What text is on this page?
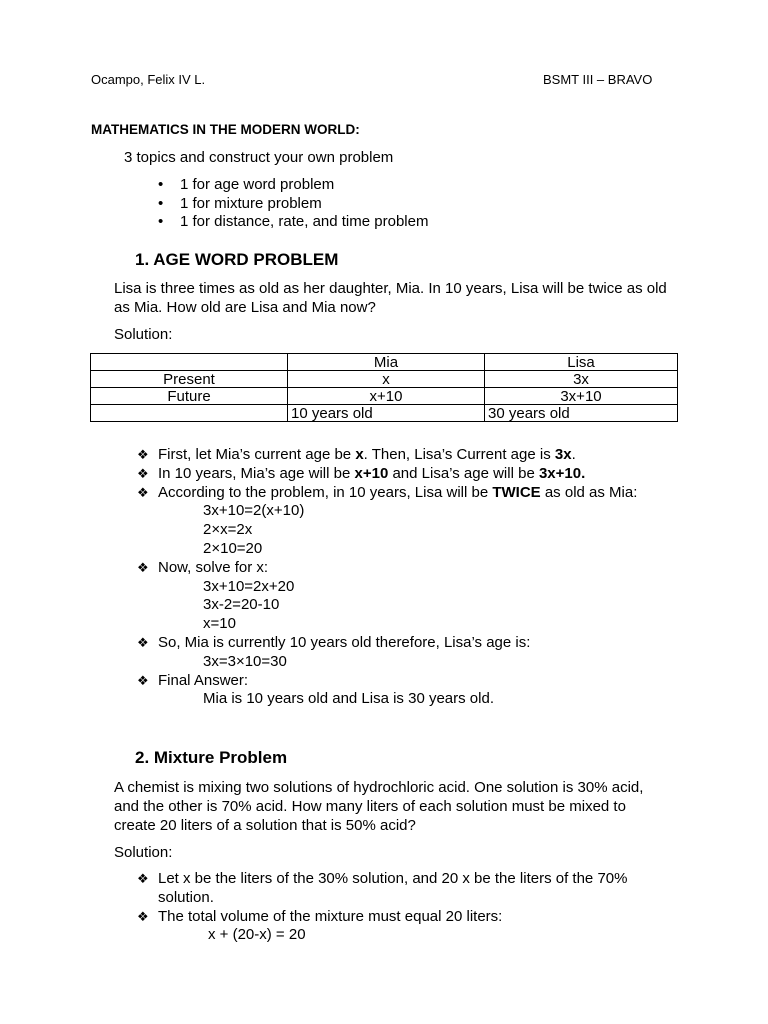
Ocampo, Felix IV L.	BSMT III – BRAVO
MATHEMATICS IN THE MODERN WORLD:
3 topics and construct your own problem
• 1 for age word problem
• 1 for mixture problem
• 1 for distance, rate, and time problem
1. AGE WORD PROBLEM
Lisa is three times as old as her daughter, Mia. In 10 years, Lisa will be twice as old as Mia. How old are Lisa and Mia now?
Solution:
	Mia	Lisa
Present	x	3x
Future	x+10	3x+10
	10 years old	30 years old
❖ First, let Mia’s current age be x. Then, Lisa’s Current age is 3x.
❖ In 10 years, Mia’s age will be x+10 and Lisa’s age will be 3x+10.
❖ According to the problem, in 10 years, Lisa will be TWICE as old as Mia:
3x+10=2(x+10)
2×x=2x
2×10=20
❖ Now, solve for x:
3x+10=2x+20
3x-2=20-10
x=10
❖ So, Mia is currently 10 years old therefore, Lisa’s age is:
3x=3×10=30
❖ Final Answer:
Mia is 10 years old and Lisa is 30 years old.
2. Mixture Problem
A chemist is mixing two solutions of hydrochloric acid. One solution is 30% acid, and the other is 70% acid. How many liters of each solution must be mixed to create 20 liters of a solution that is 50% acid?
Solution:
❖ Let x be the liters of the 30% solution, and 20 x be the liters of the 70% solution.
❖ The total volume of the mixture must equal 20 liters:
x + (20-x) = 20
